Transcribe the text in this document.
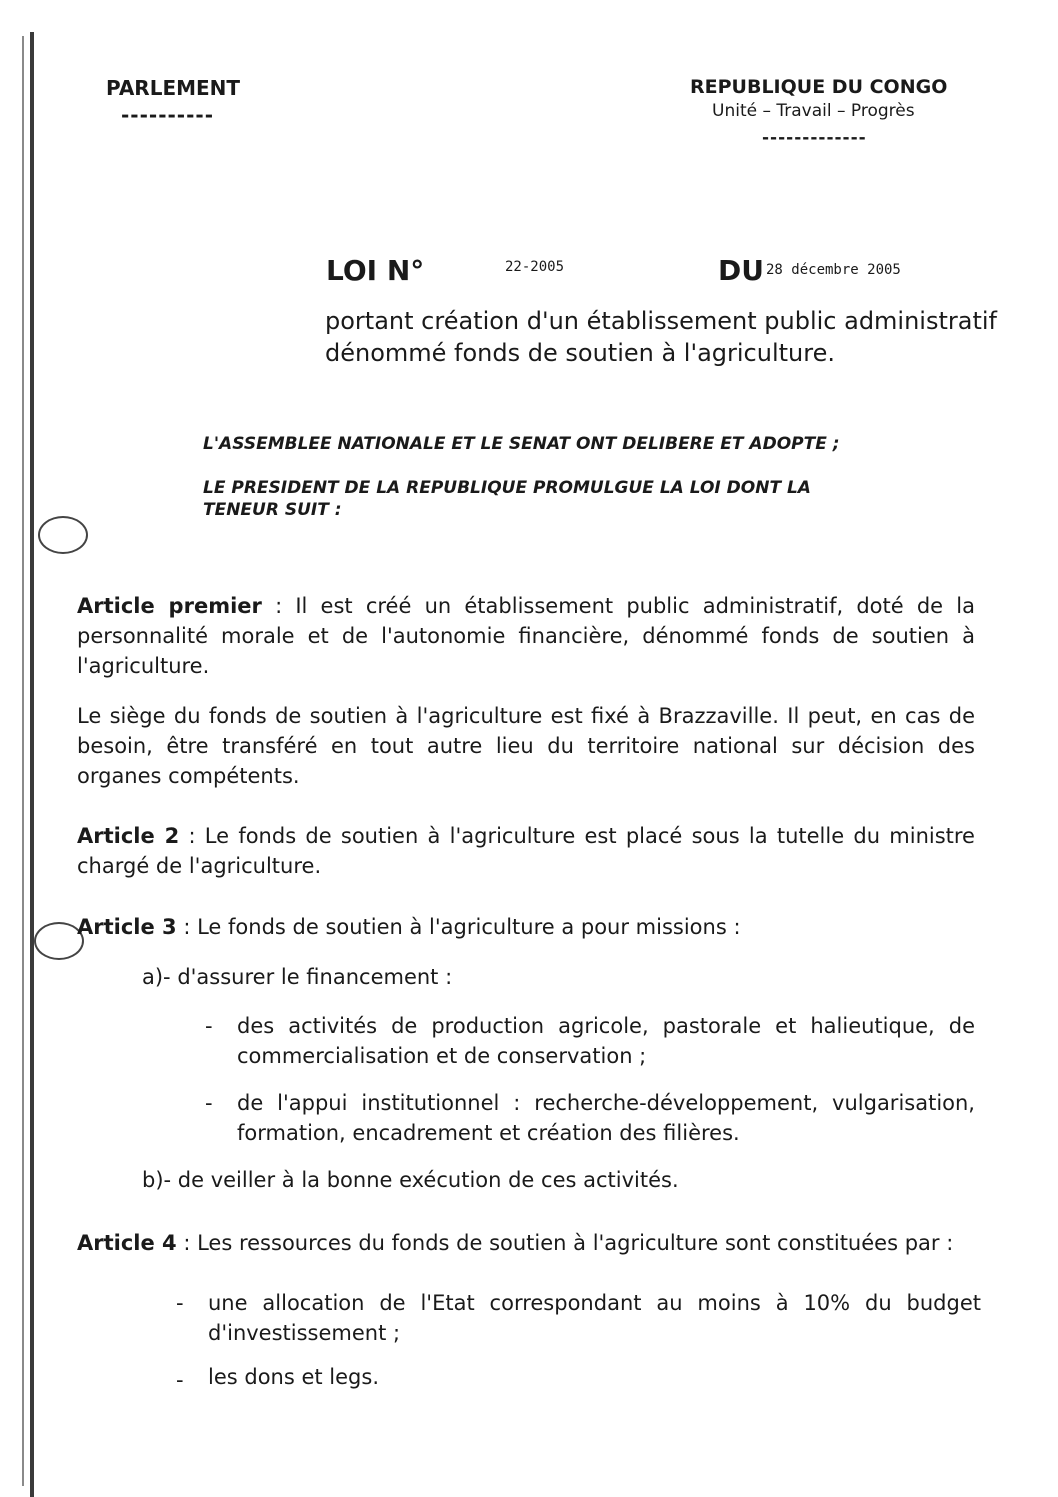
PARLEMENT
----------
REPUBLIQUE DU CONGO
Unité – Travail – Progrès
-------------
LOI N°	22-2005	DU 28 décembre 2005
portant création d'un établissement public administratif
dénommé fonds de soutien à l'agriculture.
L'ASSEMBLEE NATIONALE ET LE SENAT ONT DELIBERE ET ADOPTE ;
LE PRESIDENT DE LA REPUBLIQUE PROMULGUE LA LOI DONT LA
TENEUR SUIT :
Article premier : Il est créé un établissement public administratif, doté de la personnalité morale et de l'autonomie financière, dénommé fonds de soutien à l'agriculture.
Le siège du fonds de soutien à l'agriculture est fixé à Brazzaville. Il peut, en cas de besoin, être transféré en tout autre lieu du territoire national sur décision des organes compétents.
Article 2 : Le fonds de soutien à l'agriculture est placé sous la tutelle du ministre chargé de l'agriculture.
Article 3 : Le fonds de soutien à l'agriculture a pour missions :
a)- d'assurer le financement :
- des activités de production agricole, pastorale et halieutique, de commercialisation et de conservation ;
- de l'appui institutionnel : recherche-développement, vulgarisation, formation, encadrement et création des filières.
b)- de veiller à la bonne exécution de ces activités.
Article 4 : Les ressources du fonds de soutien à l'agriculture sont constituées par :
- une allocation de l'Etat correspondant au moins à 10% du budget d'investissement ;
- les dons et legs.
